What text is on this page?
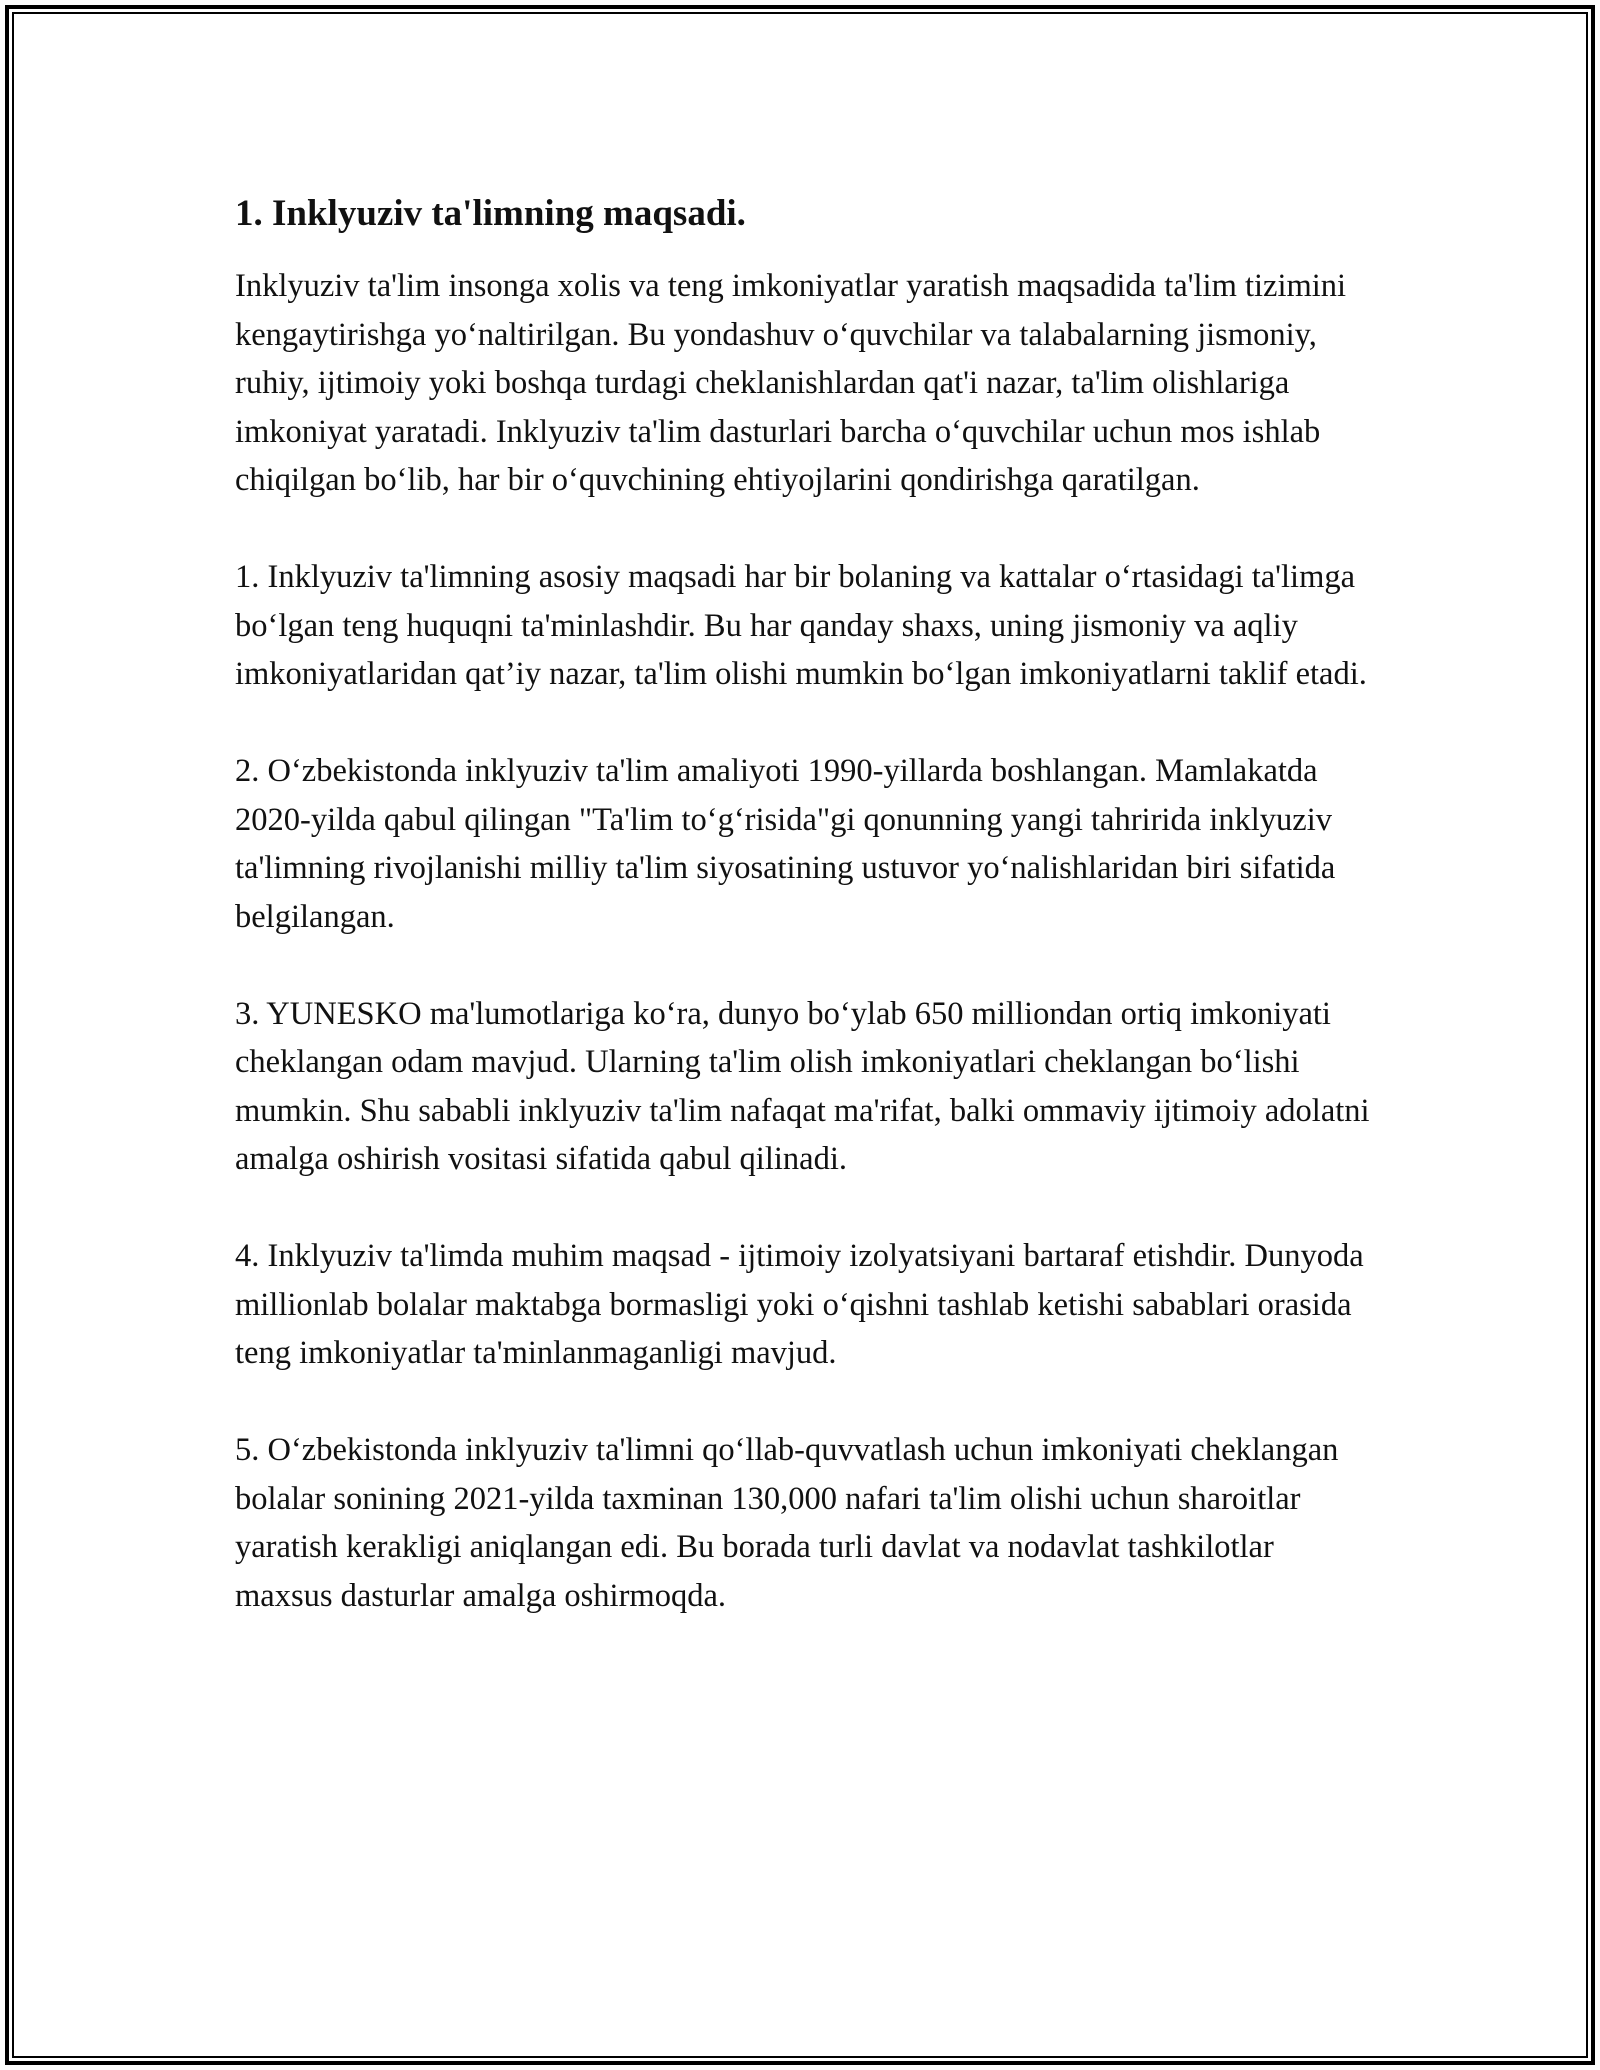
1. Inklyuziv ta'limning maqsadi.

Inklyuziv ta'lim insonga xolis va teng imkoniyatlar yaratish maqsadida ta'lim tizimini kengaytirishga yo‘naltirilgan. Bu yondashuv o‘quvchilar va talabalarning jismoniy, ruhiy, ijtimoiy yoki boshqa turdagi cheklanishlardan qat'i nazar, ta'lim olishlariga imkoniyat yaratadi. Inklyuziv ta'lim dasturlari barcha o‘quvchilar uchun mos ishlab chiqilgan bo‘lib, har bir o‘quvchining ehtiyojlarini qondirishga qaratilgan.

1. Inklyuziv ta'limning asosiy maqsadi har bir bolaning va kattalar o‘rtasidagi ta'limga bo‘lgan teng huquqni ta'minlashdir. Bu har qanday shaxs, uning jismoniy va aqliy imkoniyatlaridan qat’iy nazar, ta'lim olishi mumkin bo‘lgan imkoniyatlarni taklif etadi.

2. O‘zbekistonda inklyuziv ta'lim amaliyoti 1990-yillarda boshlangan. Mamlakatda 2020-yilda qabul qilingan "Ta'lim to‘g‘risida"gi qonunning yangi tahririda inklyuziv ta'limning rivojlanishi milliy ta'lim siyosatining ustuvor yo‘nalishlaridan biri sifatida belgilangan.

3. YUNESKO ma'lumotlariga ko‘ra, dunyo bo‘ylab 650 milliondan ortiq imkoniyati cheklangan odam mavjud. Ularning ta'lim olish imkoniyatlari cheklangan bo‘lishi mumkin. Shu sababli inklyuziv ta'lim nafaqat ma'rifat, balki ommaviy ijtimoiy adolatni amalga oshirish vositasi sifatida qabul qilinadi.

4. Inklyuziv ta'limda muhim maqsad - ijtimoiy izolyatsiyani bartaraf etishdir. Dunyoda millionlab bolalar maktabga bormasligi yoki o‘qishni tashlab ketishi sabablari orasida teng imkoniyatlar ta'minlanmaganligi mavjud.

5. O‘zbekistonda inklyuziv ta'limni qo‘llab-quvvatlash uchun imkoniyati cheklangan bolalar sonining 2021-yilda taxminan 130,000 nafari ta'lim olishi uchun sharoitlar yaratish kerakligi aniqlangan edi. Bu borada turli davlat va nodavlat tashkilotlar maxsus dasturlar amalga oshirmoqda.
